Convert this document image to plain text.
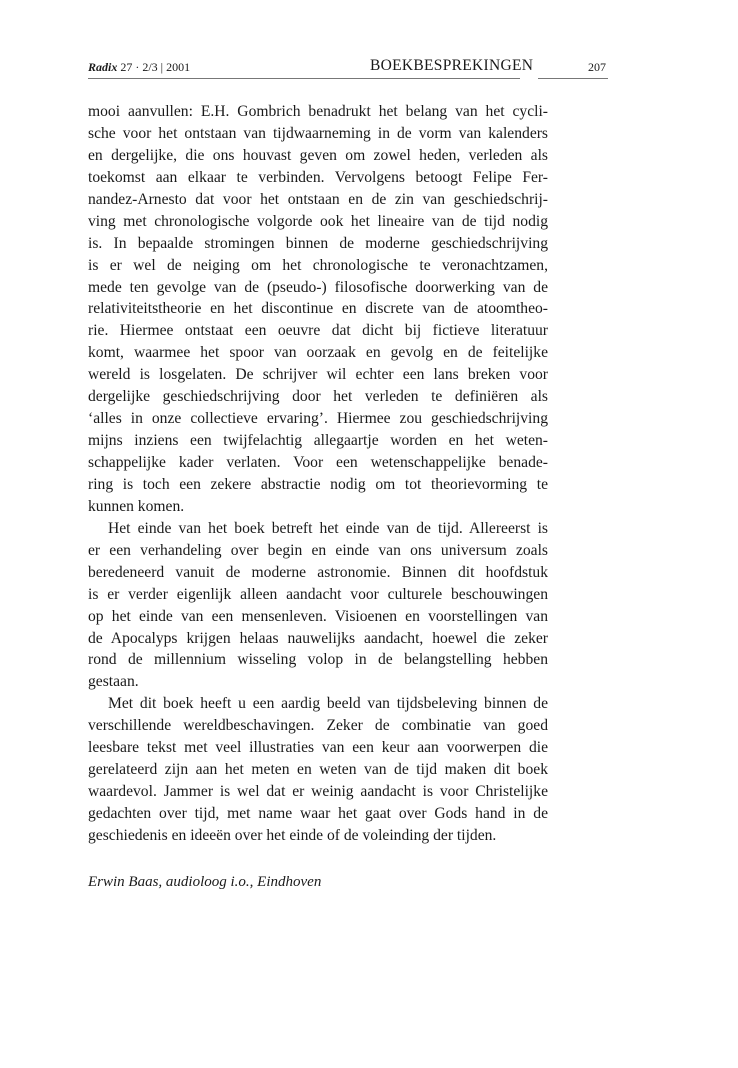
Radix 27 · 2/3 | 2001	BOEKBESPREKINGEN	207
mooi aanvullen: E.H. Gombrich benadrukt het belang van het cycli-
sche voor het ontstaan van tijdwaarneming in de vorm van kalenders
en dergelijke, die ons houvast geven om zowel heden, verleden als
toekomst aan elkaar te verbinden. Vervolgens betoogt Felipe Fer-
nandez-Arnesto dat voor het ontstaan en de zin van geschiedschrij-
ving met chronologische volgorde ook het lineaire van de tijd nodig
is. In bepaalde stromingen binnen de moderne geschiedschrijving
is er wel de neiging om het chronologische te veronachtzamen,
mede ten gevolge van de (pseudo-) filosofische doorwerking van de
relativiteitstheorie en het discontinue en discrete van de atoomtheo-
rie. Hiermee ontstaat een oeuvre dat dicht bij fictieve literatuur
komt, waarmee het spoor van oorzaak en gevolg en de feitelijke
wereld is losgelaten. De schrijver wil echter een lans breken voor
dergelijke geschiedschrijving door het verleden te definiëren als
‘alles in onze collectieve ervaring’. Hiermee zou geschiedschrijving
mijns inziens een twijfelachtig allegaartje worden en het weten-
schappelijke kader verlaten. Voor een wetenschappelijke benade-
ring is toch een zekere abstractie nodig om tot theorievorming te
kunnen komen.
Het einde van het boek betreft het einde van de tijd. Allereerst is
er een verhandeling over begin en einde van ons universum zoals
beredeneerd vanuit de moderne astronomie. Binnen dit hoofdstuk
is er verder eigenlijk alleen aandacht voor culturele beschouwingen
op het einde van een mensenleven. Visioenen en voorstellingen van
de Apocalyps krijgen helaas nauwelijks aandacht, hoewel die zeker
rond de millennium wisseling volop in de belangstelling hebben
gestaan.
Met dit boek heeft u een aardig beeld van tijdsbeleving binnen de
verschillende wereldbeschavingen. Zeker de combinatie van goed
leesbare tekst met veel illustraties van een keur aan voorwerpen die
gerelateerd zijn aan het meten en weten van de tijd maken dit boek
waardevol. Jammer is wel dat er weinig aandacht is voor Christelijke
gedachten over tijd, met name waar het gaat over Gods hand in de
geschiedenis en ideeën over het einde of de voleinding der tijden.
Erwin Baas, audioloog i.o., Eindhoven
